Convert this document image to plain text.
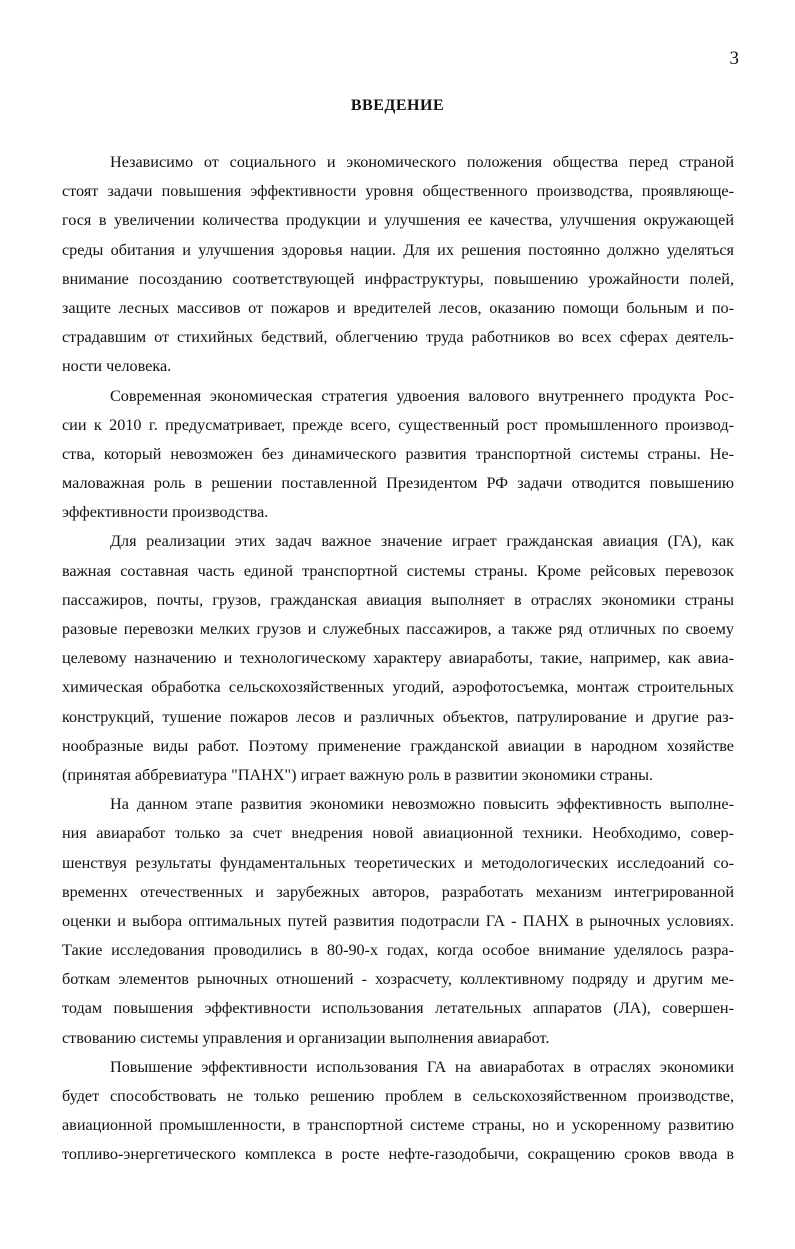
3
ВВЕДЕНИЕ
Независимо от социального и экономического положения общества перед страной
стоят задачи повышения эффективности уровня общественного производства, проявляюще-
гося в увеличении количества продукции и улучшения ее качества, улучшения окружающей
среды обитания и улучшения здоровья нации. Для их решения постоянно должно уделяться
внимание посозданию соответствующей инфраструктуры, повышению урожайности полей,
защите лесных массивов от пожаров и вредителей лесов, оказанию помощи больным и по-
страдавшим от стихийных бедствий, облегчению труда работников во всех сферах деятель-
ности человека.
Современная экономическая стратегия удвоения валового внутреннего продукта Рос-
сии к 2010 г. предусматривает, прежде всего, существенный рост промышленного производ-
ства, который невозможен без динамического развития транспортной системы страны. Не-
маловажная роль в решении поставленной Президентом РФ задачи отводится повышению
эффективности производства.
Для реализации этих задач важное значение играет гражданская авиация (ГА), как
важная составная часть единой транспортной системы страны. Кроме рейсовых перевозок
пассажиров, почты, грузов, гражданская авиация выполняет в отраслях экономики страны
разовые перевозки мелких грузов и служебных пассажиров, а также ряд отличных по своему
целевому назначению и технологическому характеру авиаработы, такие, например, как авиа-
химическая обработка сельскохозяйственных угодий, аэрофотосъемка, монтаж строительных
конструкций, тушение пожаров лесов и различных объектов, патрулирование и другие раз-
нообразные виды работ. Поэтому применение гражданской авиации в народном хозяйстве
(принятая аббревиатура "ПАНХ") играет важную роль в развитии экономики страны.
На данном этапе развития экономики невозможно повысить эффективность выполне-
ния авиаработ только за счет внедрения новой авиационной техники. Необходимо, совер-
шенствуя результаты фундаментальных теоретических и методологических исследоаний со-
временнх отечественных и зарубежных авторов, разработать механизм интегрированной
оценки и выбора оптимальных путей развития подотрасли ГА - ПАНХ в рыночных условиях.
Такие исследования проводились в 80-90-х годах, когда особое внимание уделялось разра-
боткам элементов рыночных отношений - хозрасчету, коллективному подряду и другим ме-
тодам повышения эффективности использования летательных аппаратов (ЛА), совершен-
ствованию системы управления и организации выполнения авиаработ.
Повышение эффективности использования ГА на авиаработах в отраслях экономики
будет способствовать не только решению проблем в сельскохозяйственном производстве,
авиационной промышленности, в транспортной системе страны, но и ускоренному развитию
топливо-энергетического комплекса в росте нефте-газодобычи, сокращению сроков ввода в
